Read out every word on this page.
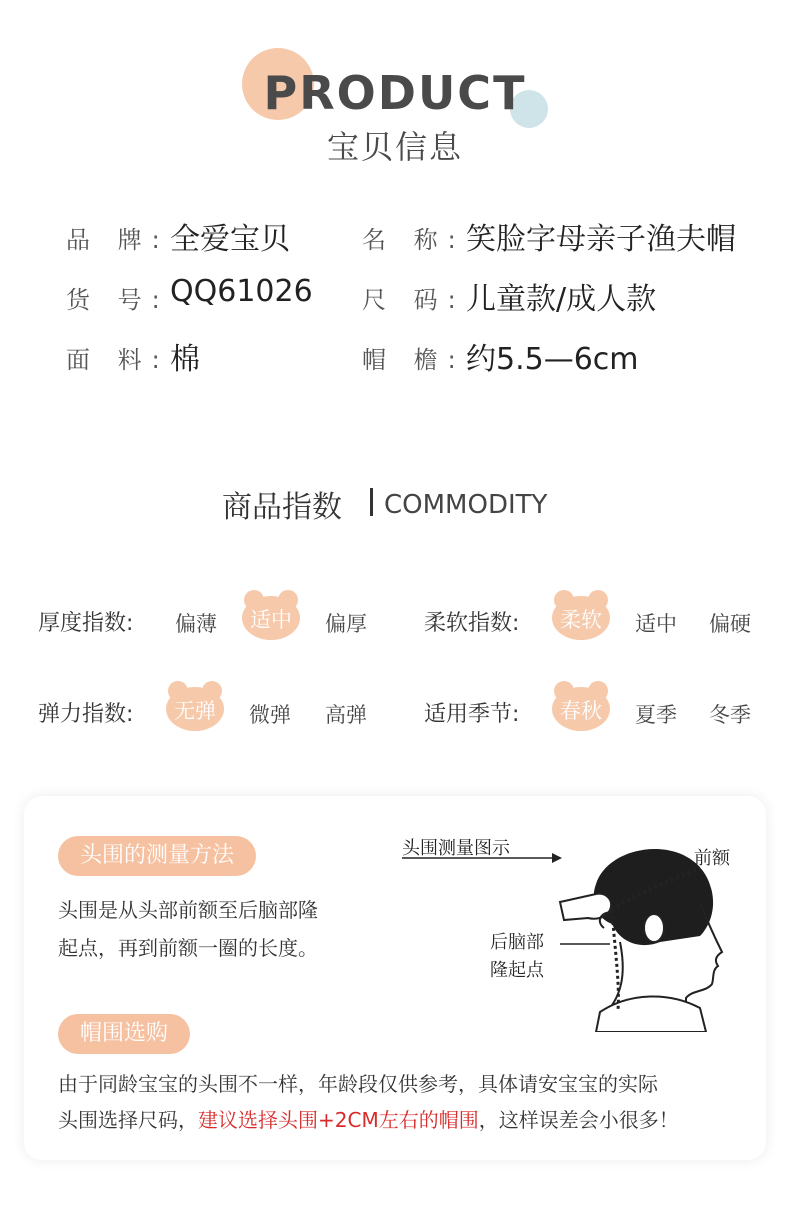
PRODUCT
宝贝信息
品 牌: 全爱宝贝	名 称: 笑脸字母亲子渔夫帽
货 号: QQ61026 尺 码: 儿童款/成人款
面 料: 棉	帽 檐: 约5.5—6cm
商品指数 COMMODITY
厚度指数:	偏薄	适中	偏厚	柔软指数:	柔软	适中	偏硬
弹力指数:	无弹	微弹	高弹	适用季节:	春秋	夏季	冬季
头围的测量方法
头围是从头部前额至后脑部隆
起点，再到前额一圈的长度。
头围测量图示	前额
后脑部
隆起点
帽围选购
由于同龄宝宝的头围不一样，年龄段仅供参考，具体请安宝宝的实际
头围选择尺码，建议选择头围+2CM左右的帽围，这样误差会小很多！
